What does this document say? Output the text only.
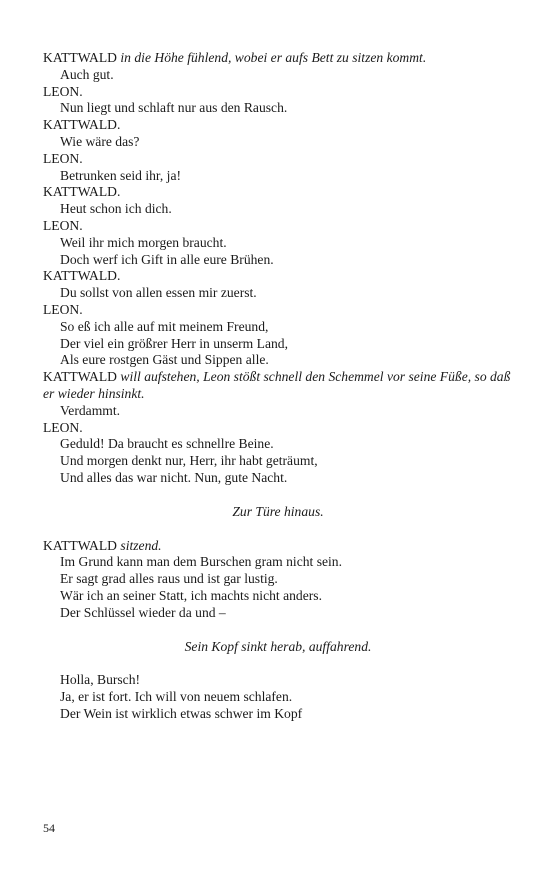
KATTWALD in die Höhe fühlend, wobei er aufs Bett zu sitzen kommt.
Auch gut.
LEON.
Nun liegt und schlaft nur aus den Rausch.
KATTWALD.
Wie wäre das?
LEON.
Betrunken seid ihr, ja!
KATTWALD.
Heut schon ich dich.
LEON.
Weil ihr mich morgen braucht.
Doch werf ich Gift in alle eure Brühen.
KATTWALD.
Du sollst von allen essen mir zuerst.
LEON.
So eß ich alle auf mit meinem Freund,
Der viel ein größrer Herr in unserm Land,
Als eure rostgen Gäst und Sippen alle.
KATTWALD will aufstehen, Leon stößt schnell den Schemmel vor seine Füße, so daß er wieder hinsinkt.
Verdammt.
LEON.
Geduld! Da braucht es schnellre Beine.
Und morgen denkt nur, Herr, ihr habt geträumt,
Und alles das war nicht. Nun, gute Nacht.
Zur Türe hinaus.
KATTWALD sitzend.
Im Grund kann man dem Burschen gram nicht sein.
Er sagt grad alles raus und ist gar lustig.
Wär ich an seiner Statt, ich machts nicht anders.
Der Schlüssel wieder da und –
Sein Kopf sinkt herab, auffahrend.
Holla, Bursch!
Ja, er ist fort. Ich will von neuem schlafen.
Der Wein ist wirklich etwas schwer im Kopf
54
